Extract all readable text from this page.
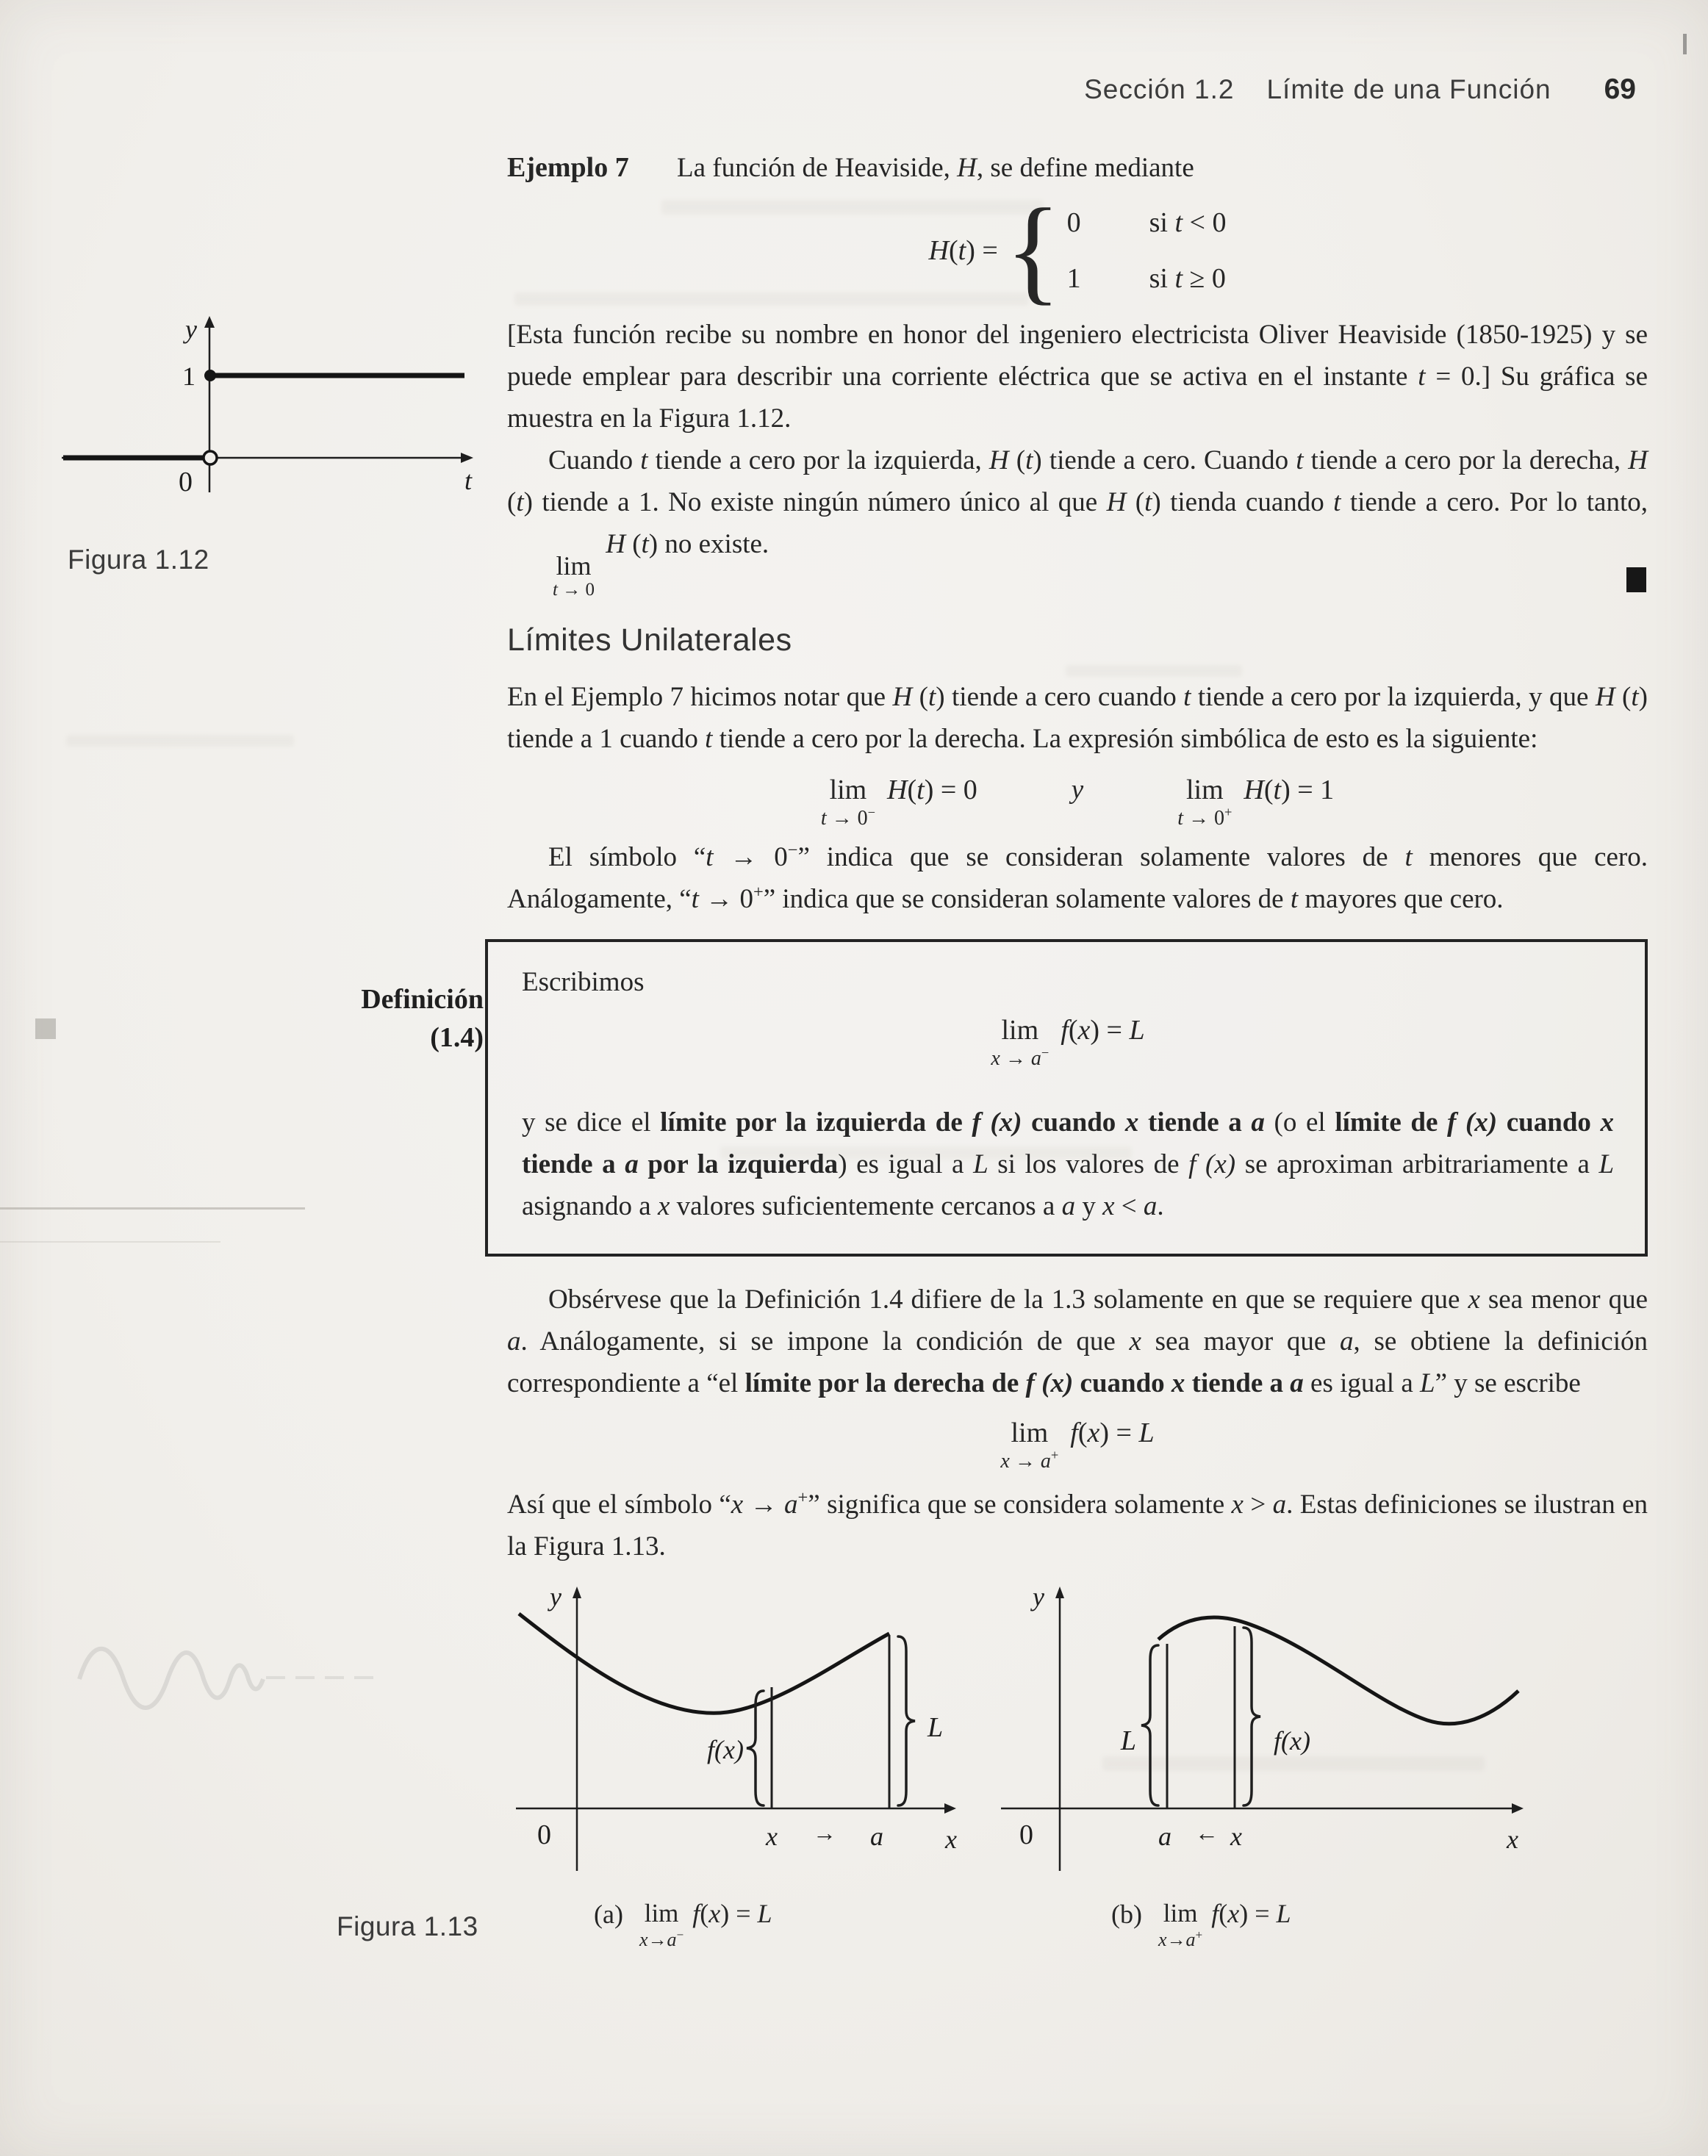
Sección 1.2 Límite de una Función 69
y
1
0	t
Figura 1.12

Ejemplo 7 La función de Heaviside, H, se define mediante

H(t) = { 0	si t < 0
1	si t ≥ 0

[Esta función recibe su nombre en honor del ingeniero electricista Oliver Heaviside (1850-1925) y se puede emplear para describir una corriente eléctrica que se activa en el instante t = 0.] Su gráfica se muestra en la Figura 1.12.

Cuando t tiende a cero por la izquierda, H (t) tiende a cero. Cuando t tiende a cero por la derecha, H (t) tiende a 1. No existe ningún número único al que H (t) tienda cuando t tiende a cero. Por lo tanto,
lim
t → 0
H (t) no existe.

Límites Unilaterales

En el Ejemplo 7 hicimos notar que H (t) tiende a cero cuando t tiende a cero por la izquierda, y que H (t) tiende a 1 cuando t tiende a cero por la derecha. La expresión simbólica de esto es la siguiente:

lim
t → 0−
H(t) = 0	y	lim
t → 0+
H(t) = 1

El símbolo “t → 0−” indica que se consideran solamente valores de t menores que cero. Análogamente, “t → 0+” indica que se consideran solamente valores de t mayores que cero.

Definición
(1.4)
Escribimos
lim
x → a−
f(x) = L

y se dice el límite por la izquierda de f (x) cuando x tiende a a (o el límite de f (x) cuando x tiende a a por la izquierda) es igual a L si los valores de f (x) se aproximan arbitrariamente a L asignando a x valores suficientemente cercanos a a y x < a.

Obsérvese que la Definición 1.4 difiere de la 1.3 solamente en que se requiere que x sea menor que a. Análogamente, si se impone la condición de que x sea mayor que a, se obtiene la definición correspondiente a “el límite por la derecha de f (x) cuando x tiende a a es igual a L” y se escribe

lim
x → a+
f(x) = L

Así que el símbolo “x → a+” significa que se considera solamente x > a. Estas definiciones se ilustran en la Figura 1.13.

y
0
f(x)
L
x → a x
y
0
L	f(x)
a ← x	x
Figura 1.13	(a) lim
x→a−
f(x) = L	(b) lim
x→a+
f(x) = L
